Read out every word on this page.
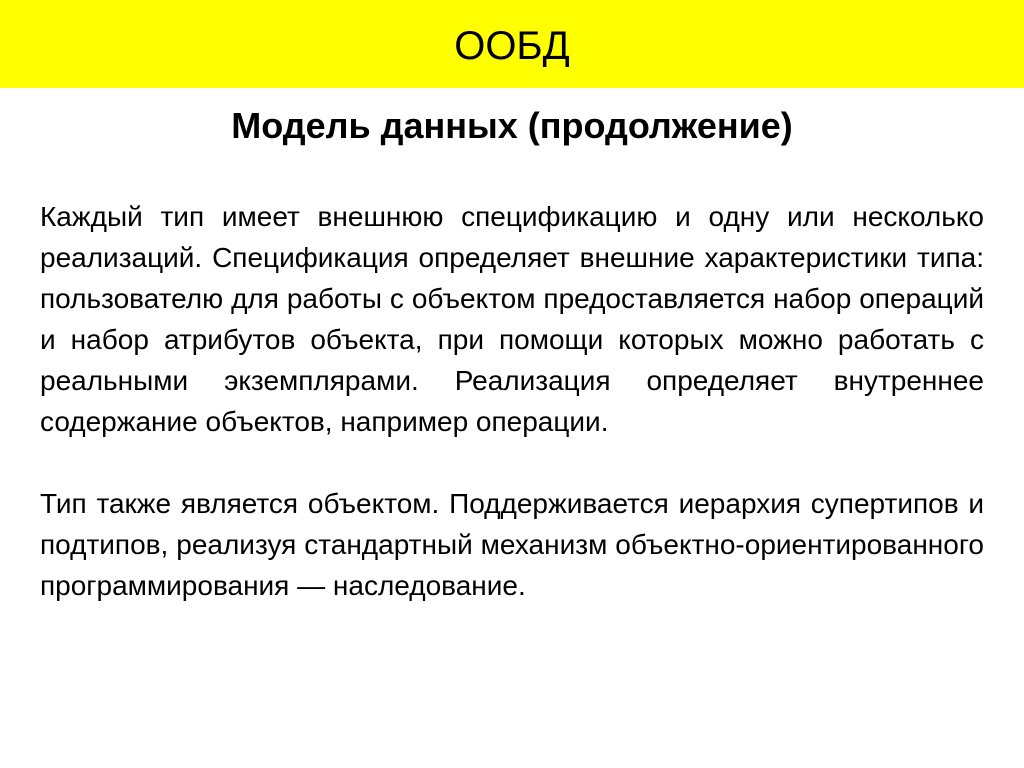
ООБД
Модель данных (продолжение)

Каждый тип имеет внешнюю спецификацию и одну или несколько реализаций. Спецификация определяет внешние характеристики типа: пользователю для работы с объектом предоставляется набор операций и набор атрибутов объекта, при помощи которых можно работать с реальными экземплярами. Реализация определяет внутреннее содержание объектов, например операции.

Тип также является объектом. Поддерживается иерархия супертипов и подтипов, реализуя стандартный механизм объектно-ориентированного программирования — наследование.
